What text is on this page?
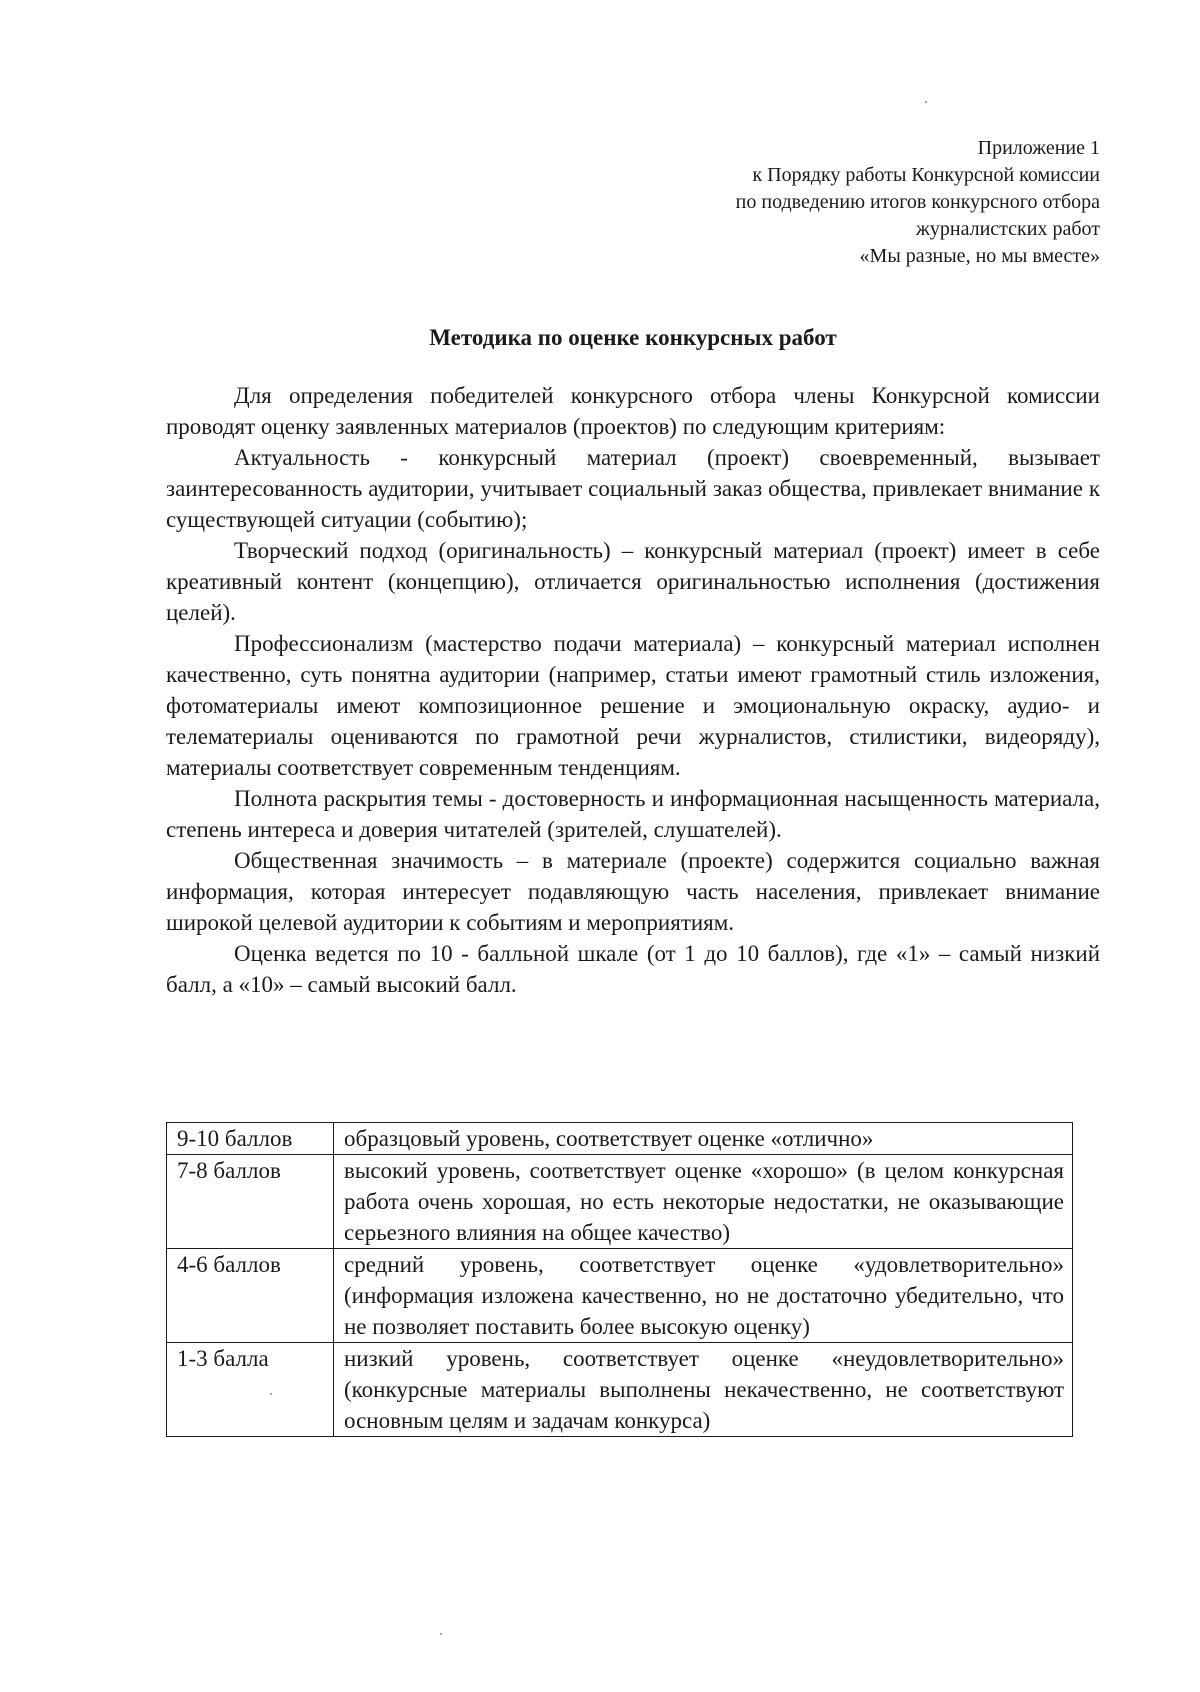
Приложение 1
к Порядку работы Конкурсной комиссии
по подведению итогов конкурсного отбора
журналистских работ
«Мы разные, но мы вместе»
Методика по оценке конкурсных работ

Для определения победителей конкурсного отбора члены Конкурсной комиссии проводят оценку заявленных материалов (проектов) по следующим критериям:

Актуальность - конкурсный материал (проект) своевременный, вызывает заинтересованность аудитории, учитывает социальный заказ общества, привлекает внимание к существующей ситуации (событию);

Творческий подход (оригинальность) – конкурсный материал (проект) имеет в себе креативный контент (концепцию), отличается оригинальностью исполнения (достижения целей).

Профессионализм (мастерство подачи материала) – конкурсный материал исполнен качественно, суть понятна аудитории (например, статьи имеют грамотный стиль изложения, фотоматериалы имеют композиционное решение и эмоциональную окраску, аудио- и телематериалы оцениваются по грамотной речи журналистов, стилистики, видеоряду), материалы соответствует современным тенденциям.

Полнота раскрытия темы - достоверность и информационная насыщенность материала, степень интереса и доверия читателей (зрителей, слушателей).

Общественная значимость – в материале (проекте) содержится социально важная информация, которая интересует подавляющую часть населения, привлекает внимание широкой целевой аудитории к событиям и мероприятиям.

Оценка ведется по 10 - балльной шкале (от 1 до 10 баллов), где «1» – самый низкий балл, а «10» – самый высокий балл.

9-10 баллов	образцовый уровень, соответствует оценке «отлично»
7-8 баллов	высокий уровень, соответствует оценке «хорошо» (в целом конкурсная работа очень хорошая, но есть некоторые недостатки, не оказывающие серьезного влияния на общее качество)
4-6 баллов	средний уровень, соответствует оценке «удовлетворительно» (информация изложена качественно, но не достаточно убедительно, что не позволяет поставить более высокую оценку)
1-3 балла	низкий уровень, соответствует оценке «неудовлетворительно» (конкурсные материалы выполнены некачественно, не соответствуют основным целям и задачам конкурса)
